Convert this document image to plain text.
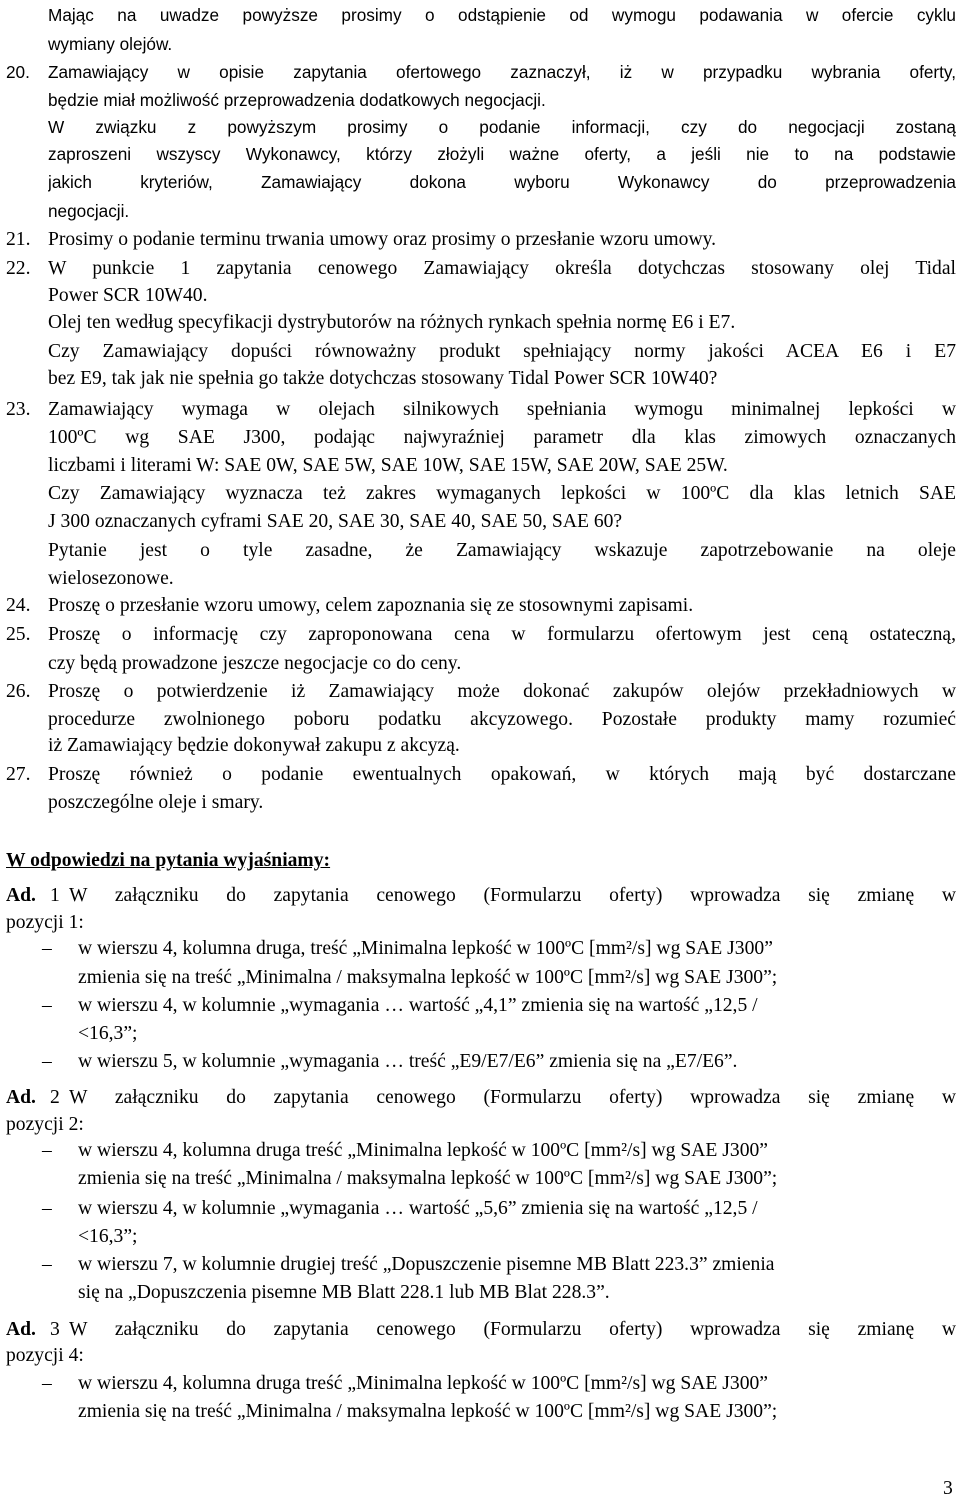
Mając na uwadze powyższe prosimy o odstąpienie od wymogu podawania w ofercie cyklu
wymiany olejów.
20. Zamawiający w opisie zapytania ofertowego zaznaczył, iż w przypadku wybrania oferty,
będzie miał możliwość przeprowadzenia dodatkowych negocjacji.
W związku z powyższym prosimy o podanie informacji, czy do negocjacji zostaną
zaproszeni wszyscy Wykonawcy, którzy złożyli ważne oferty, a jeśli nie to na podstawie
jakich kryteriów, Zamawiający dokona wyboru Wykonawcy do przeprowadzenia
negocjacji.
21. Prosimy o podanie terminu trwania umowy oraz prosimy o przesłanie wzoru umowy.
22. W punkcie 1 zapytania cenowego Zamawiający określa dotychczas stosowany olej Tidal
Power SCR 10W40.
Olej ten według specyfikacji dystrybutorów na różnych rynkach spełnia normę E6 i E7.
Czy Zamawiający dopuści równoważny produkt spełniający normy jakości ACEA E6 i E7
bez E9, tak jak nie spełnia go także dotychczas stosowany Tidal Power SCR 10W40?
23. Zamawiający wymaga w olejach silnikowych spełniania wymogu minimalnej lepkości w
100ºC wg SAE J300, podając najwyraźniej parametr dla klas zimowych oznaczanych
liczbami i literami W: SAE 0W, SAE 5W, SAE 10W, SAE 15W, SAE 20W, SAE 25W.
Czy Zamawiający wyznacza też zakres wymaganych lepkości w 100ºC dla klas letnich SAE
J 300 oznaczanych cyframi SAE 20, SAE 30, SAE 40, SAE 50, SAE 60?
Pytanie jest o tyle zasadne, że Zamawiający wskazuje zapotrzebowanie na oleje
wielosezonowe.
24. Proszę o przesłanie wzoru umowy, celem zapoznania się ze stosownymi zapisami.
25. Proszę o informację czy zaproponowana cena w formularzu ofertowym jest ceną ostateczną,
czy będą prowadzone jeszcze negocjacje co do ceny.
26. Proszę o potwierdzenie iż Zamawiający może dokonać zakupów olejów przekładniowych w
procedurze zwolnionego poboru podatku akcyzowego. Pozostałe produkty mamy rozumieć
iż Zamawiający będzie dokonywał zakupu z akcyzą.
27. Proszę również o podanie ewentualnych opakowań, w których mają być dostarczane
poszczególne oleje i smary.
W odpowiedzi na pytania wyjaśniamy:
Ad. 1 W załączniku do zapytania cenowego (Formularzu oferty) wprowadza się zmianę w
pozycji 1:
– w wierszu 4, kolumna druga, treść „Minimalna lepkość w 100ºC [mm²/s] wg SAE J300”
zmienia się na treść „Minimalna / maksymalna lepkość w 100ºC [mm²/s] wg SAE J300”;
– w wierszu 4, w kolumnie „wymagania … wartość „4,1” zmienia się na wartość „12,5 /
<16,3”;
– w wierszu 5, w kolumnie „wymagania … treść „E9/E7/E6” zmienia się na „E7/E6”.
Ad. 2 W załączniku do zapytania cenowego (Formularzu oferty) wprowadza się zmianę w
pozycji 2:
– w wierszu 4, kolumna druga treść „Minimalna lepkość w 100ºC [mm²/s] wg SAE J300”
zmienia się na treść „Minimalna / maksymalna lepkość w 100ºC [mm²/s] wg SAE J300”;
– w wierszu 4, w kolumnie „wymagania … wartość „5,6” zmienia się na wartość „12,5 /
<16,3”;
– w wierszu 7, w kolumnie drugiej treść „Dopuszczenie pisemne MB Blatt 223.3” zmienia
się na „Dopuszczenia pisemne MB Blatt 228.1 lub MB Blat 228.3”.
Ad. 3 W załączniku do zapytania cenowego (Formularzu oferty) wprowadza się zmianę w
pozycji 4:
– w wierszu 4, kolumna druga treść „Minimalna lepkość w 100ºC [mm²/s] wg SAE J300”
zmienia się na treść „Minimalna / maksymalna lepkość w 100ºC [mm²/s] wg SAE J300”;
3
